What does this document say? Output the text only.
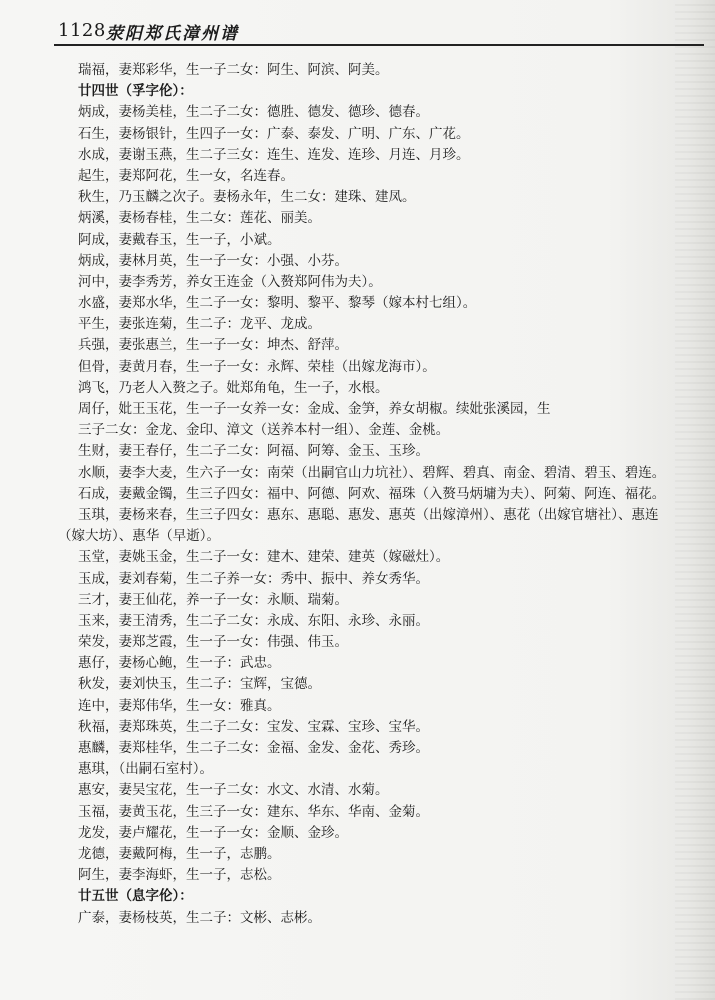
1128 荥阳郑氏漳州谱
瑞福，妻郑彩华，生一子二女：阿生、阿滨、阿美。
廿四世（孚字伦）：
炳成，妻杨美桂，生二子二女：德胜、德发、德珍、德春。
石生，妻杨银针，生四子一女：广泰、泰发、广明、广东、广花。
水成，妻谢玉燕，生二子三女：连生、连发、连珍、月连、月珍。
起生，妻郑阿花，生一女，名连春。
秋生，乃玉麟之次子。妻杨永年，生二女：建珠、建凤。
炳溪，妻杨春桂，生二女：莲花、丽美。
阿成，妻戴春玉，生一子，小斌。
炳成，妻林月英，生一子一女：小强、小芬。
河中，妻李秀芳，养女王连金（入赘郑阿伟为夫）。
水盛，妻郑水华，生二子一女：黎明、黎平、黎琴（嫁本村七组）。
平生，妻张连菊，生二子：龙平、龙成。
兵强，妻张惠兰，生一子一女：坤杰、舒萍。
但骨，妻黄月春，生一子一女：永辉、荣桂（出嫁龙海市）。
鸿飞，乃老人入赘之子。妣郑角龟，生一子，水根。
周仔，妣王玉花，生一子一女养一女：金成、金笋，养女胡椒。续妣张溪园，生
三子二女：金龙、金印、漳文（送养本村一组）、金莲、金桃。
生财，妻王春仔，生二子二女：阿福、阿筹、金玉、玉珍。
水顺，妻李大麦，生六子一女：南荣（出嗣官山力坑社）、碧辉、碧真、南金、碧清、碧玉、碧连。
石成，妻戴金镯，生三子四女：福中、阿德、阿欢、福珠（入赘马炳墉为夫）、阿菊、阿连、福花。
玉琪，妻杨来春，生三子四女：惠东、惠聪、惠发、惠英（出嫁漳州）、惠花（出嫁官塘社）、惠连
（嫁大坊）、惠华（早逝）。
玉堂，妻姚玉金，生二子一女：建木、建荣、建英（嫁磁灶）。
玉成，妻刘春菊，生二子养一女：秀中、振中、养女秀华。
三才，妻王仙花，养一子一女：永顺、瑞菊。
玉来，妻王清秀，生二子二女：永成、东阳、永珍、永丽。
荣发，妻郑芝霞，生一子一女：伟强、伟玉。
惠仔，妻杨心鲍，生一子：武忠。
秋发，妻刘快玉，生二子：宝辉，宝德。
连中，妻郑伟华，生一女：雅真。
秋福，妻郑珠英，生二子二女：宝发、宝霖、宝珍、宝华。
惠麟，妻郑桂华，生二子二女：金福、金发、金花、秀珍。
惠琪，（出嗣石室村）。
惠安，妻吴宝花，生一子二女：水文、水清、水菊。
玉福，妻黄玉花，生三子一女：建东、华东、华南、金菊。
龙发，妻卢耀花，生一子一女：金顺、金珍。
龙德，妻戴阿梅，生一子，志鹏。
阿生，妻李海虾，生一子，志松。
廿五世（息字伦）：
广泰，妻杨枝英，生二子：文彬、志彬。
